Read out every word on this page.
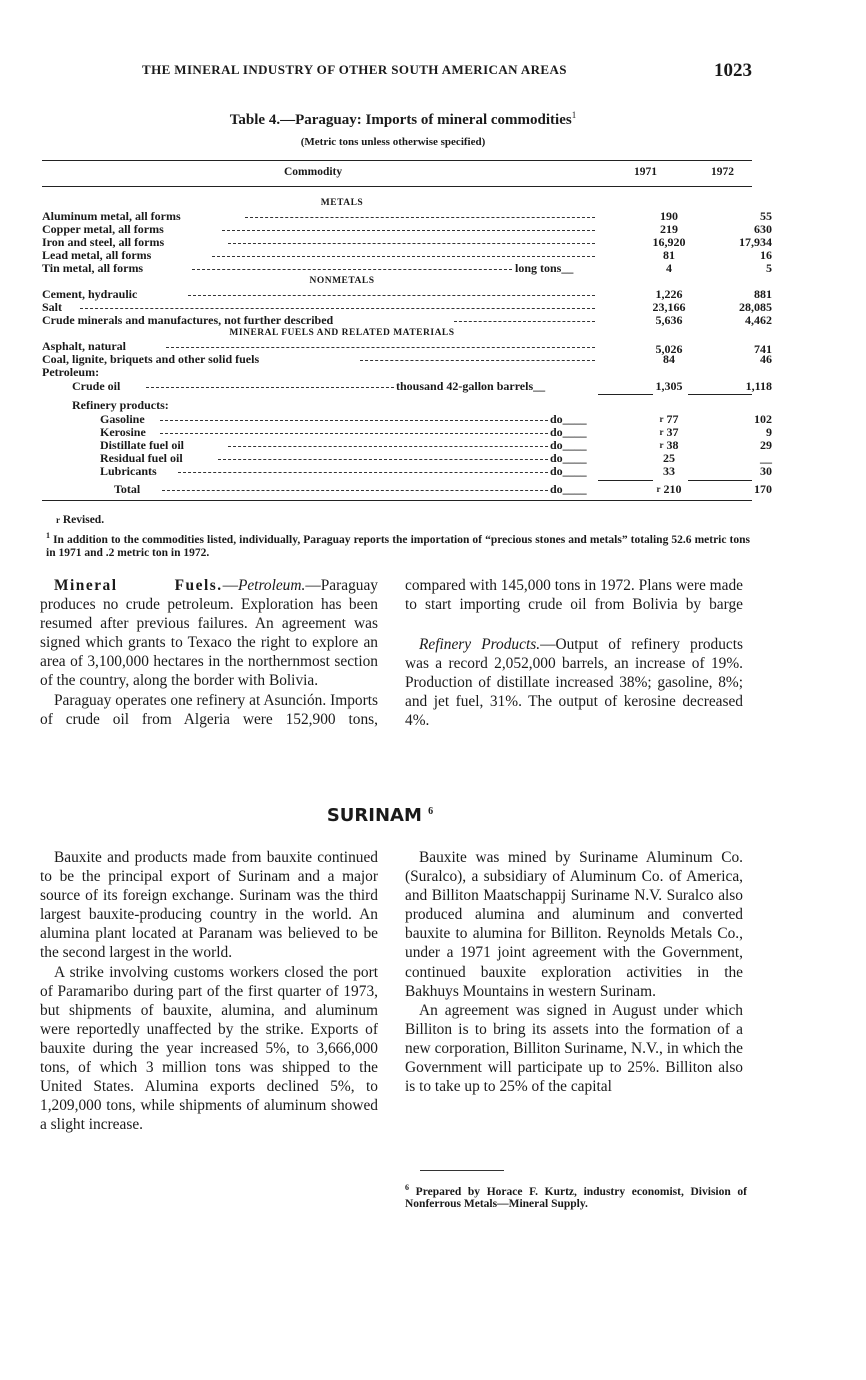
THE MINERAL INDUSTRY OF OTHER SOUTH AMERICAN AREAS	1023
Table 4.—Paraguay: Imports of mineral commodities$^1$
(Metric tons unless otherwise specified)
Commodity	1971	1972
METALS
Aluminum metal, all forms	190	55
Copper metal, all forms	219	630
Iron and steel, all forms	16,920	17,934
Lead metal, all forms	81	16
Tin metal, all forms	long tons__	4	5
NONMETALS
Cement, hydraulic	1,226	881
Salt	23,166	28,085
Crude minerals and manufactures, not further described	5,636	4,462
MINERAL FUELS AND RELATED MATERIALS
Asphalt, natural	5,026	741
Coal, lignite, briquets and other solid fuels	84	46
Petroleum:
Crude oil	thousand 42-gallon barrels__	1,305	1,118
Refinery products:
Gasoline	do____	$^r$ 77	102
Kerosine	do____	$^r$ 37	9
Distillate fuel oil	do____	$^r$ 38	29
Residual fuel oil	do____	25	__
Lubricants	do____	33	30
Total	do____	$^r$ 210	170
$^r$ Revised.
$^1$ In addition to the commodities listed, individually, Paraguay reports the importation of “precious stones and metals” totaling 52.6 metric tons in 1971 and .2 metric ton in 1972.

Mineral Fuels.—Petroleum.—Paraguay produces no crude petroleum. Exploration has been resumed after previous failures. An agreement was signed which grants to Texaco the right to explore an area of 3,100,000 hectares in the northernmost section of the country, along the border with Bolivia.

Paraguay operates one refinery at Asunción. Imports of crude oil from Algeria were 152,900 tons,

compared with 145,000 tons in 1972. Plans were made to start importing crude oil from Bolivia by barge

Refinery Products.—Output of refinery products was a record 2,052,000 barrels, an increase of 19%. Production of distillate increased 38%; gasoline, 8%; and jet fuel, 31%. The output of kerosine decreased 4%.

SURINAM $^6$

Bauxite and products made from bauxite continued to be the principal export of Surinam and a major source of its foreign exchange. Surinam was the third largest bauxite-producing country in the world. An alumina plant located at Paranam was believed to be the second largest in the world.

A strike involving customs workers closed the port of Paramaribo during part of the first quarter of 1973, but shipments of bauxite, alumina, and aluminum were reportedly unaffected by the strike. Exports of bauxite during the year increased 5%, to 3,666,000 tons, of which 3 million tons was shipped to the United States. Alumina exports declined 5%, to 1,209,000 tons, while shipments of aluminum showed a slight increase.

Bauxite was mined by Suriname Aluminum Co. (Suralco), a subsidiary of Aluminum Co. of America, and Billiton Maatschappij Suriname N.V. Suralco also produced alumina and aluminum and converted bauxite to alumina for Billiton. Reynolds Metals Co., under a 1971 joint agreement with the Government, continued bauxite exploration activities in the Bakhuys Mountains in western Surinam.

An agreement was signed in August under which Billiton is to bring its assets into the formation of a new corporation, Billiton Suriname, N.V., in which the Government will participate up to 25%. Billiton also is to take up to 25% of the capital

$^6$ Prepared by Horace F. Kurtz, industry economist, Division of Nonferrous Metals—Mineral Supply.
